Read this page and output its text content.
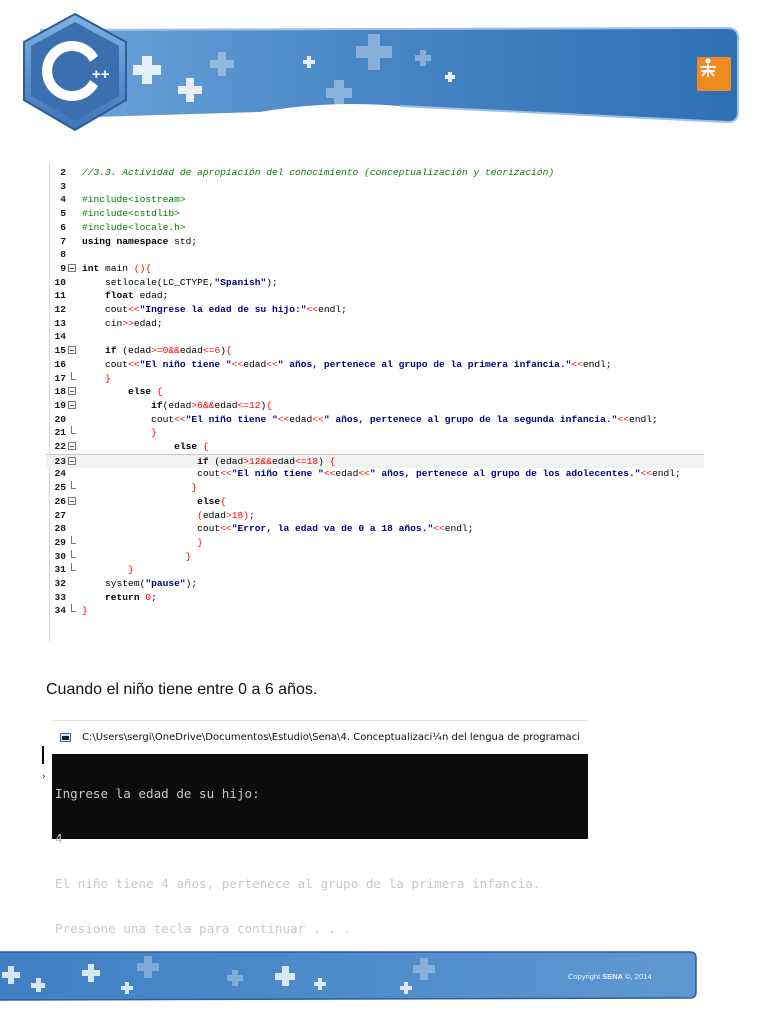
++
2 //3.3. Actividad de apropiación del conocimiento (conceptualización y teorización)
3
4 #include<iostream>
5 #include<cstdlib>
6 #include<locale.h>
7 using namespace std;
8
9 int main (){
10 setlocale(LC_CTYPE,"Spanish");
11	float edad;
12 cout<<"Ingrese la edad de su hijo:"<<endl;
13 cin>>edad;
14
15	if (edad>=0&&edad<=6){
16 cout<<"El niño tiene "<<edad<<" años, pertenece al grupo de la primera infancia."<<endl;
17	}
18	else {
19	if(edad>6&&edad<=12){
20 cout<<"El niño tiene "<<edad<<" años, pertenece al grupo de la segunda infancia."<<endl;
21	}
22	else {
23	if (edad>12&&edad<=18) {
24 cout<<"El niño tiene "<<edad<<" años, pertenece al grupo de los adolecentes."<<endl;
25	}
26	else{
27	(edad>18);
28 cout<<"Error, la edad va de 0 a 18 años."<<endl;
29	}
30	}
31	}
32 system("pause");
33	return 0;
34 }
Cuando el niño tiene entre 0 a 6 años.
›
C:\Users\sergi\OneDrive\Documentos\Estudio\Sena\4. Conceptualizaci¼n del lengua de programaci

Ingrese la edad de su hijo:

4

El niño tiene 4 años, pertenece al grupo de la primera infancia.

Presione una tecla para continuar . . .

Copyright SENA ©, 2014
